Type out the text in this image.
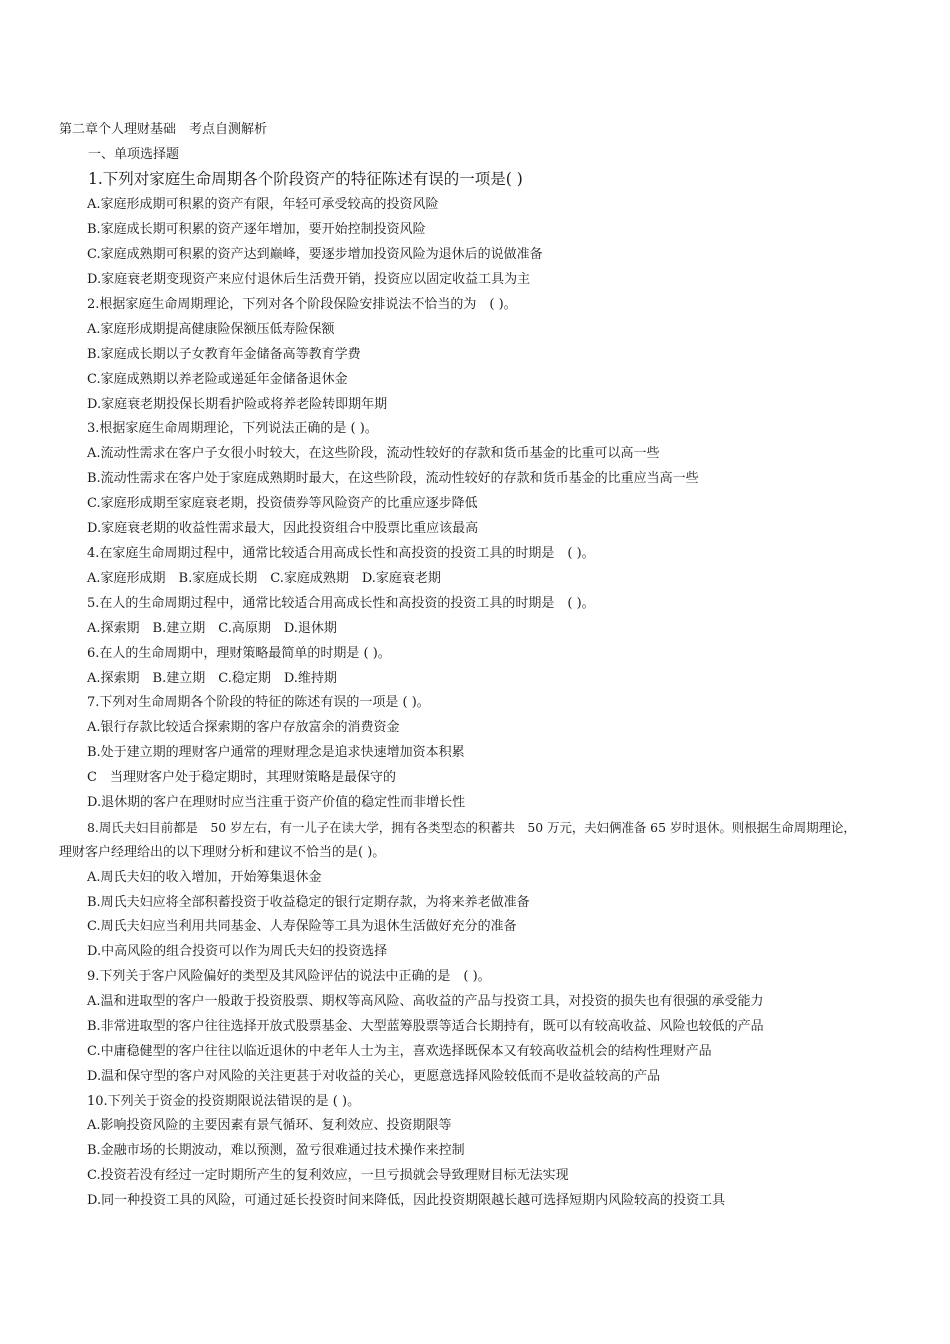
第二章个人理财基础　考点自测解析
一、单项选择题
1.下列对家庭生命周期各个阶段资产的特征陈述有误的一项是( )
A.家庭形成期可积累的资产有限，年轻可承受较高的投资风险
B.家庭成长期可积累的资产逐年增加，要开始控制投资风险
C.家庭成熟期可积累的资产达到巅峰，要逐步增加投资风险为退休后的说做准备
D.家庭衰老期变现资产来应付退休后生活费开销，投资应以固定收益工具为主
2.根据家庭生命周期理论，下列对各个阶段保险安排说法不恰当的为　( )。
A.家庭形成期提高健康险保额压低寿险保额
B.家庭成长期以子女教育年金储备高等教育学费
C.家庭成熟期以养老险或递延年金储备退休金
D.家庭衰老期投保长期看护险或将养老险转即期年期
3.根据家庭生命周期理论，下列说法正确的是 ( )。
A.流动性需求在客户子女很小时较大，在这些阶段，流动性较好的存款和货币基金的比重可以高一些
B.流动性需求在客户处于家庭成熟期时最大，在这些阶段，流动性较好的存款和货币基金的比重应当高一些
C.家庭形成期至家庭衰老期，投资债券等风险资产的比重应逐步降低
D.家庭衰老期的收益性需求最大，因此投资组合中股票比重应该最高
4.在家庭生命周期过程中，通常比较适合用高成长性和高投资的投资工具的时期是　( )。
A.家庭形成期　B.家庭成长期　C.家庭成熟期　D.家庭衰老期
5.在人的生命周期过程中，通常比较适合用高成长性和高投资的投资工具的时期是　( )。
A.探索期　B.建立期　C.高原期　D.退休期
6.在人的生命周期中，理财策略最简单的时期是 ( )。
A.探索期　B.建立期　C.稳定期　D.维持期
7.下列对生命周期各个阶段的特征的陈述有误的一项是 ( )。
A.银行存款比较适合探索期的客户存放富余的消费资金
B.处于建立期的理财客户通常的理财理念是追求快速增加资本积累
C　当理财客户处于稳定期时，其理财策略是最保守的
D.退休期的客户在理财时应当注重于资产价值的稳定性而非增长性
8.周氏夫妇目前都是　50 岁左右，有一儿子在读大学，拥有各类型态的积蓄共　50 万元，夫妇俩准备 65 岁时退休。则根据生命周期理论，
理财客户经理给出的以下理财分析和建议不恰当的是( )。
A.周氏夫妇的收入增加，开始筹集退休金
B.周氏夫妇应将全部积蓄投资于收益稳定的银行定期存款，为将来养老做准备
C.周氏夫妇应当利用共同基金、人寿保险等工具为退休生活做好充分的准备
D.中高风险的组合投资可以作为周氏夫妇的投资选择
9.下列关于客户风险偏好的类型及其风险评估的说法中正确的是　( )。
A.温和进取型的客户一般敢于投资股票、期权等高风险、高收益的产品与投资工具，对投资的损失也有很强的承受能力
B.非常进取型的客户往往选择开放式股票基金、大型蓝筹股票等适合长期持有，既可以有较高收益、风险也较低的产品
C.中庸稳健型的客户往往以临近退休的中老年人士为主，喜欢选择既保本又有较高收益机会的结构性理财产品
D.温和保守型的客户对风险的关注更甚于对收益的关心，更愿意选择风险较低而不是收益较高的产品
10.下列关于资金的投资期限说法错误的是 ( )。
A.影响投资风险的主要因素有景气循环、复利效应、投资期限等
B.金融市场的长期波动，难以预测，盈亏很难通过技术操作来控制
C.投资若没有经过一定时期所产生的复利效应，一旦亏损就会导致理财目标无法实现
D.同一种投资工具的风险，可通过延长投资时间来降低，因此投资期限越长越可选择短期内风险较高的投资工具
